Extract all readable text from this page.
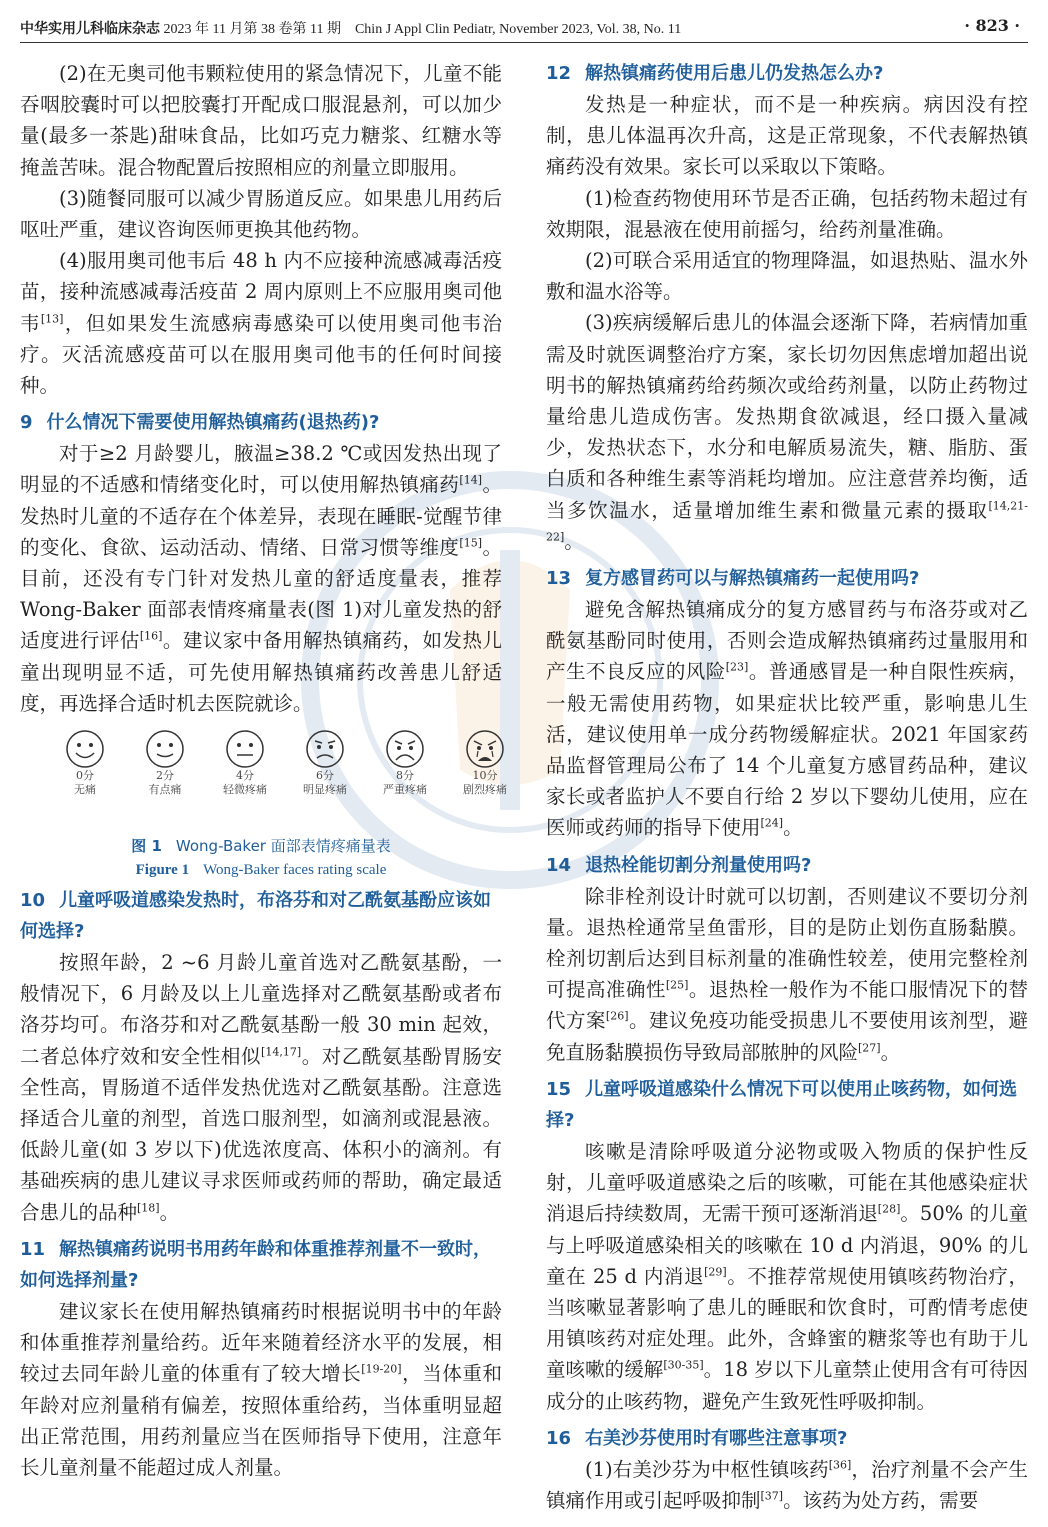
中华实用儿科临床杂志 2023 年 11 月第 38 卷第 11 期 Chin J Appl Clin Pediatr, November 2023, Vol. 38, No. 11	· 823 ·

(2)在无奥司他韦颗粒使用的紧急情况下，儿童不能吞咽胶囊时可以把胶囊打开配成口服混悬剂，可以加少量(最多一茶匙)甜味食品，比如巧克力糖浆、红糖水等掩盖苦味。混合物配置后按照相应的剂量立即服用。

(3)随餐同服可以减少胃肠道反应。如果患儿用药后呕吐严重，建议咨询医师更换其他药物。

(4)服用奥司他韦后 48 h 内不应接种流感减毒活疫苗，接种流感减毒活疫苗 2 周内原则上不应服用奥司他韦[13]，但如果发生流感病毒感染可以使用奥司他韦治疗。灭活流感疫苗可以在服用奥司他韦的任何时间接种。

9 什么情况下需要使用解热镇痛药(退热药)?

对于≥2 月龄婴儿，腋温≥38.2 ℃或因发热出现了明显的不适感和情绪变化时，可以使用解热镇痛药[14]。发热时儿童的不适存在个体差异，表现在睡眠-觉醒节律的变化、食欲、运动活动、情绪、日常习惯等维度[15]。目前，还没有专门针对发热儿童的舒适度量表，推荐 Wong-Baker 面部表情疼痛量表(图 1)对儿童发热的舒适度进行评估[16]。建议家中备用解热镇痛药，如发热儿童出现明显不适，可先使用解热镇痛药改善患儿舒适度，再选择合适时机去医院就诊。

0分
无痛
2分
有点痛
4分
轻微疼痛
6分
明显疼痛
8分
严重疼痛
10分
剧烈疼痛
图 1 Wong-Baker 面部表情疼痛量表
Figure 1 Wong-Baker faces rating scale
10 儿童呼吸道感染发热时，布洛芬和对乙酰氨基酚应该如何选择?

按照年龄，2 ~6 月龄儿童首选对乙酰氨基酚，一般情况下，6 月龄及以上儿童选择对乙酰氨基酚或者布洛芬均可。布洛芬和对乙酰氨基酚一般 30 min 起效，二者总体疗效和安全性相似[14,17]。对乙酰氨基酚胃肠安全性高，胃肠道不适伴发热优选对乙酰氨基酚。注意选择适合儿童的剂型，首选口服剂型，如滴剂或混悬液。低龄儿童(如 3 岁以下)优选浓度高、体积小的滴剂。有基础疾病的患儿建议寻求医师或药师的帮助，确定最适合患儿的品种[18]。

11 解热镇痛药说明书用药年龄和体重推荐剂量不一致时，如何选择剂量?

建议家长在使用解热镇痛药时根据说明书中的年龄和体重推荐剂量给药。近年来随着经济水平的发展，相较过去同年龄儿童的体重有了较大增长[19-20]，当体重和年龄对应剂量稍有偏差，按照体重给药，当体重明显超出正常范围，用药剂量应当在医师指导下使用，注意年长儿童剂量不能超过成人剂量。

12 解热镇痛药使用后患儿仍发热怎么办?

发热是一种症状，而不是一种疾病。病因没有控制，患儿体温再次升高，这是正常现象，不代表解热镇痛药没有效果。家长可以采取以下策略。

(1)检查药物使用环节是否正确，包括药物未超过有效期限，混悬液在使用前摇匀，给药剂量准确。

(2)可联合采用适宜的物理降温，如退热贴、温水外敷和温水浴等。

(3)疾病缓解后患儿的体温会逐渐下降，若病情加重需及时就医调整治疗方案，家长切勿因焦虑增加超出说明书的解热镇痛药给药频次或给药剂量，以防止药物过量给患儿造成伤害。发热期食欲减退，经口摄入量减少，发热状态下，水分和电解质易流失，糖、脂肪、蛋白质和各种维生素等消耗均增加。应注意营养均衡，适当多饮温水，适量增加维生素和微量元素的摄取[14,21-22]。

13 复方感冒药可以与解热镇痛药一起使用吗?

避免含解热镇痛成分的复方感冒药与布洛芬或对乙酰氨基酚同时使用，否则会造成解热镇痛药过量服用和产生不良反应的风险[23]。普通感冒是一种自限性疾病，一般无需使用药物，如果症状比较严重，影响患儿生活，建议使用单一成分药物缓解症状。2021 年国家药品监督管理局公布了 14 个儿童复方感冒药品种，建议家长或者监护人不要自行给 2 岁以下婴幼儿使用，应在医师或药师的指导下使用[24]。

14 退热栓能切割分剂量使用吗?

除非栓剂设计时就可以切割，否则建议不要切分剂量。退热栓通常呈鱼雷形，目的是防止划伤直肠黏膜。栓剂切割后达到目标剂量的准确性较差，使用完整栓剂可提高准确性[25]。退热栓一般作为不能口服情况下的替代方案[26]。建议免疫功能受损患儿不要使用该剂型，避免直肠黏膜损伤导致局部脓肿的风险[27]。

15 儿童呼吸道感染什么情况下可以使用止咳药物，如何选择?

咳嗽是清除呼吸道分泌物或吸入物质的保护性反射，儿童呼吸道感染之后的咳嗽，可能在其他感染症状消退后持续数周，无需干预可逐渐消退[28]。50% 的儿童与上呼吸道感染相关的咳嗽在 10 d 内消退，90% 的儿童在 25 d 内消退[29]。不推荐常规使用镇咳药物治疗，当咳嗽显著影响了患儿的睡眠和饮食时，可酌情考虑使用镇咳药对症处理。此外，含蜂蜜的糖浆等也有助于儿童咳嗽的缓解[30-35]。18 岁以下儿童禁止使用含有可待因成分的止咳药物，避免产生致死性呼吸抑制。

16 右美沙芬使用时有哪些注意事项?

(1)右美沙芬为中枢性镇咳药[36]，治疗剂量不会产生镇痛作用或引起呼吸抑制[37]。该药为处方药，需要
